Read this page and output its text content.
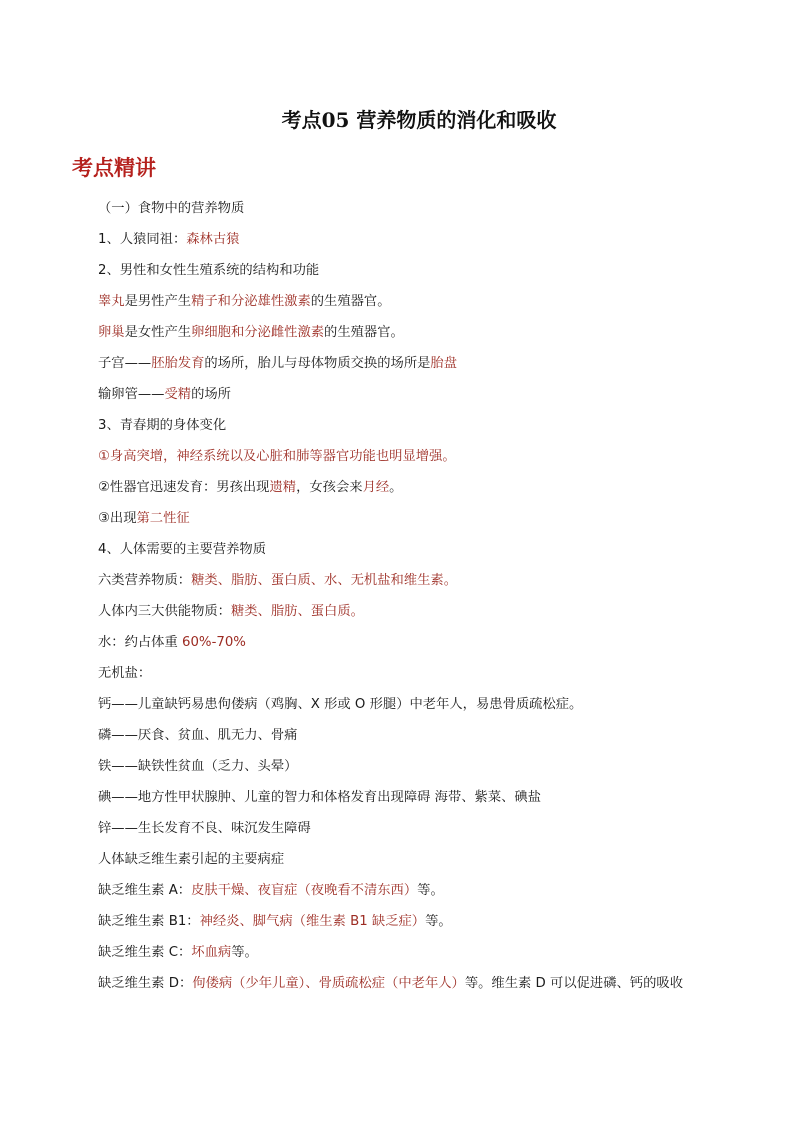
考点05 营养物质的消化和吸收
考点精讲
（一）食物中的营养物质
1、人猿同祖：森林古猿
2、男性和女性生殖系统的结构和功能
睾丸是男性产生精子和分泌雄性激素的生殖器官。
卵巢是女性产生卵细胞和分泌雌性激素的生殖器官。
子宫——胚胎发育的场所，胎儿与母体物质交换的场所是胎盘
输卵管——受精的场所
3、青春期的身体变化
①身高突增，神经系统以及心脏和肺等器官功能也明显增强。
②性器官迅速发育：男孩出现遗精，女孩会来月经。
③出现第二性征
4、人体需要的主要营养物质
六类营养物质：糖类、脂肪、蛋白质、水、无机盐和维生素。
人体内三大供能物质：糖类、脂肪、蛋白质。
水：约占体重 60%-70%
无机盐：
钙——儿童缺钙易患佝偻病（鸡胸、X 形或 O 形腿）中老年人，易患骨质疏松症。
磷——厌食、贫血、肌无力、骨痛
铁——缺铁性贫血（乏力、头晕）
碘——地方性甲状腺肿、儿童的智力和体格发育出现障碍 海带、紫菜、碘盐
锌——生长发育不良、味沉发生障碍
人体缺乏维生素引起的主要病症
缺乏维生素 A：皮肤干燥、夜盲症（夜晚看不清东西）等。
缺乏维生素 B1：神经炎、脚气病（维生素 B1 缺乏症）等。
缺乏维生素 C：坏血病等。
缺乏维生素 D：佝偻病（少年儿童）、骨质疏松症（中老年人）等。维生素 D 可以促进磷、钙的吸收
